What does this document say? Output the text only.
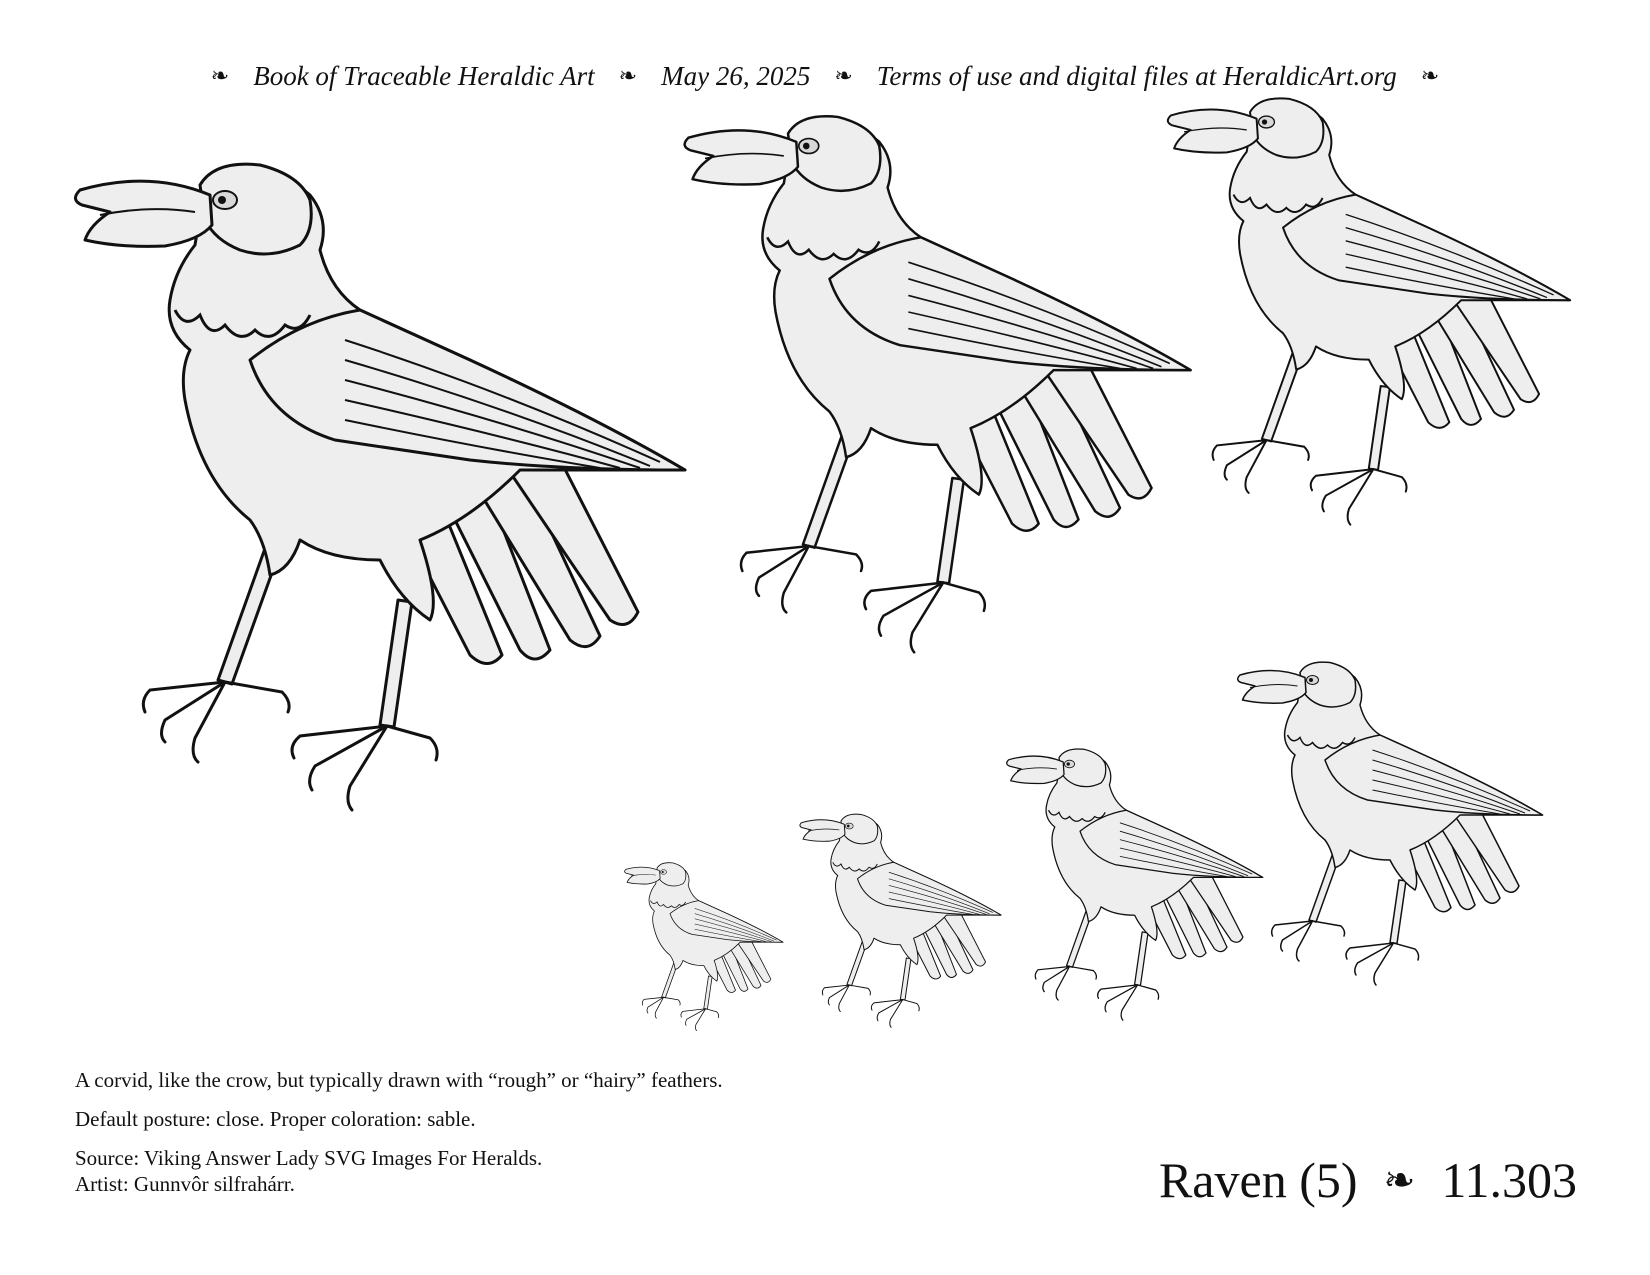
❧ Book of Traceable Heraldic Art ❧ May 26, 2025 ❧ Terms of use and digital files at HeraldicArt.org ❧

A corvid, like the crow, but typically drawn with “rough” or “hairy” feathers.

Default posture: close. Proper coloration: sable.

Source: Viking Answer Lady SVG Images For Heralds.

Artist: Gunnvôr silfrahárr.	Raven (5) ❧ 11.303
